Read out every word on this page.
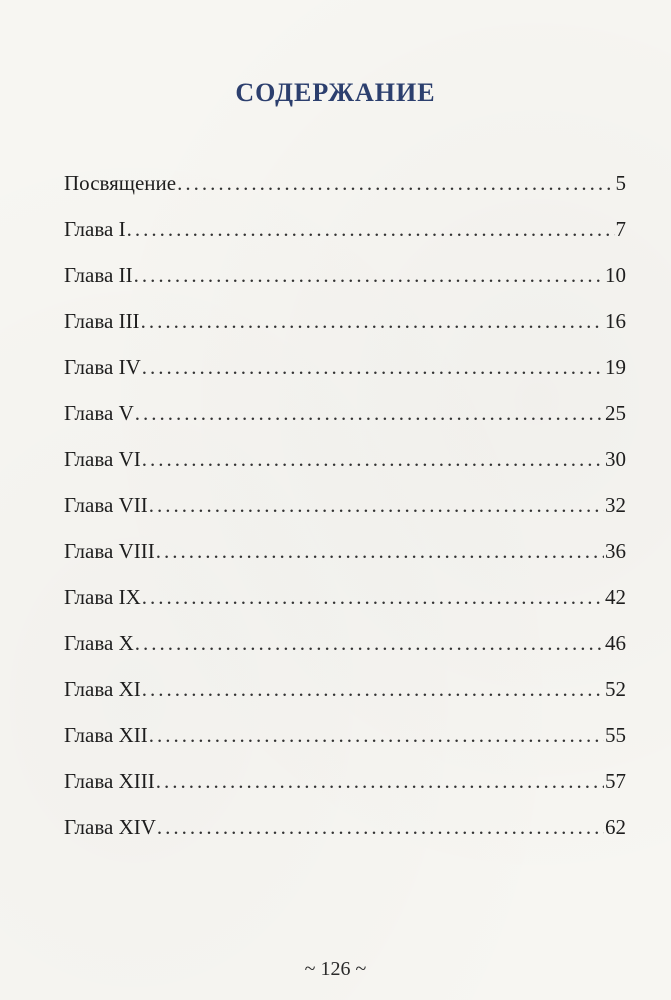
СОДЕРЖАНИЕ
Посвящение .....	5
Глава I .....	7
Глава II .....	10
Глава III .....	16
Глава IV .....	19
Глава V .....	25
Глава VI .....	30
Глава VII .....	32
Глава VIII .....	36
Глава IX .....	42
Глава X .....	46
Глава XI .....	52
Глава XII .....	55
Глава XIII .....	57
Глава XIV .....	62
~ 126 ~
